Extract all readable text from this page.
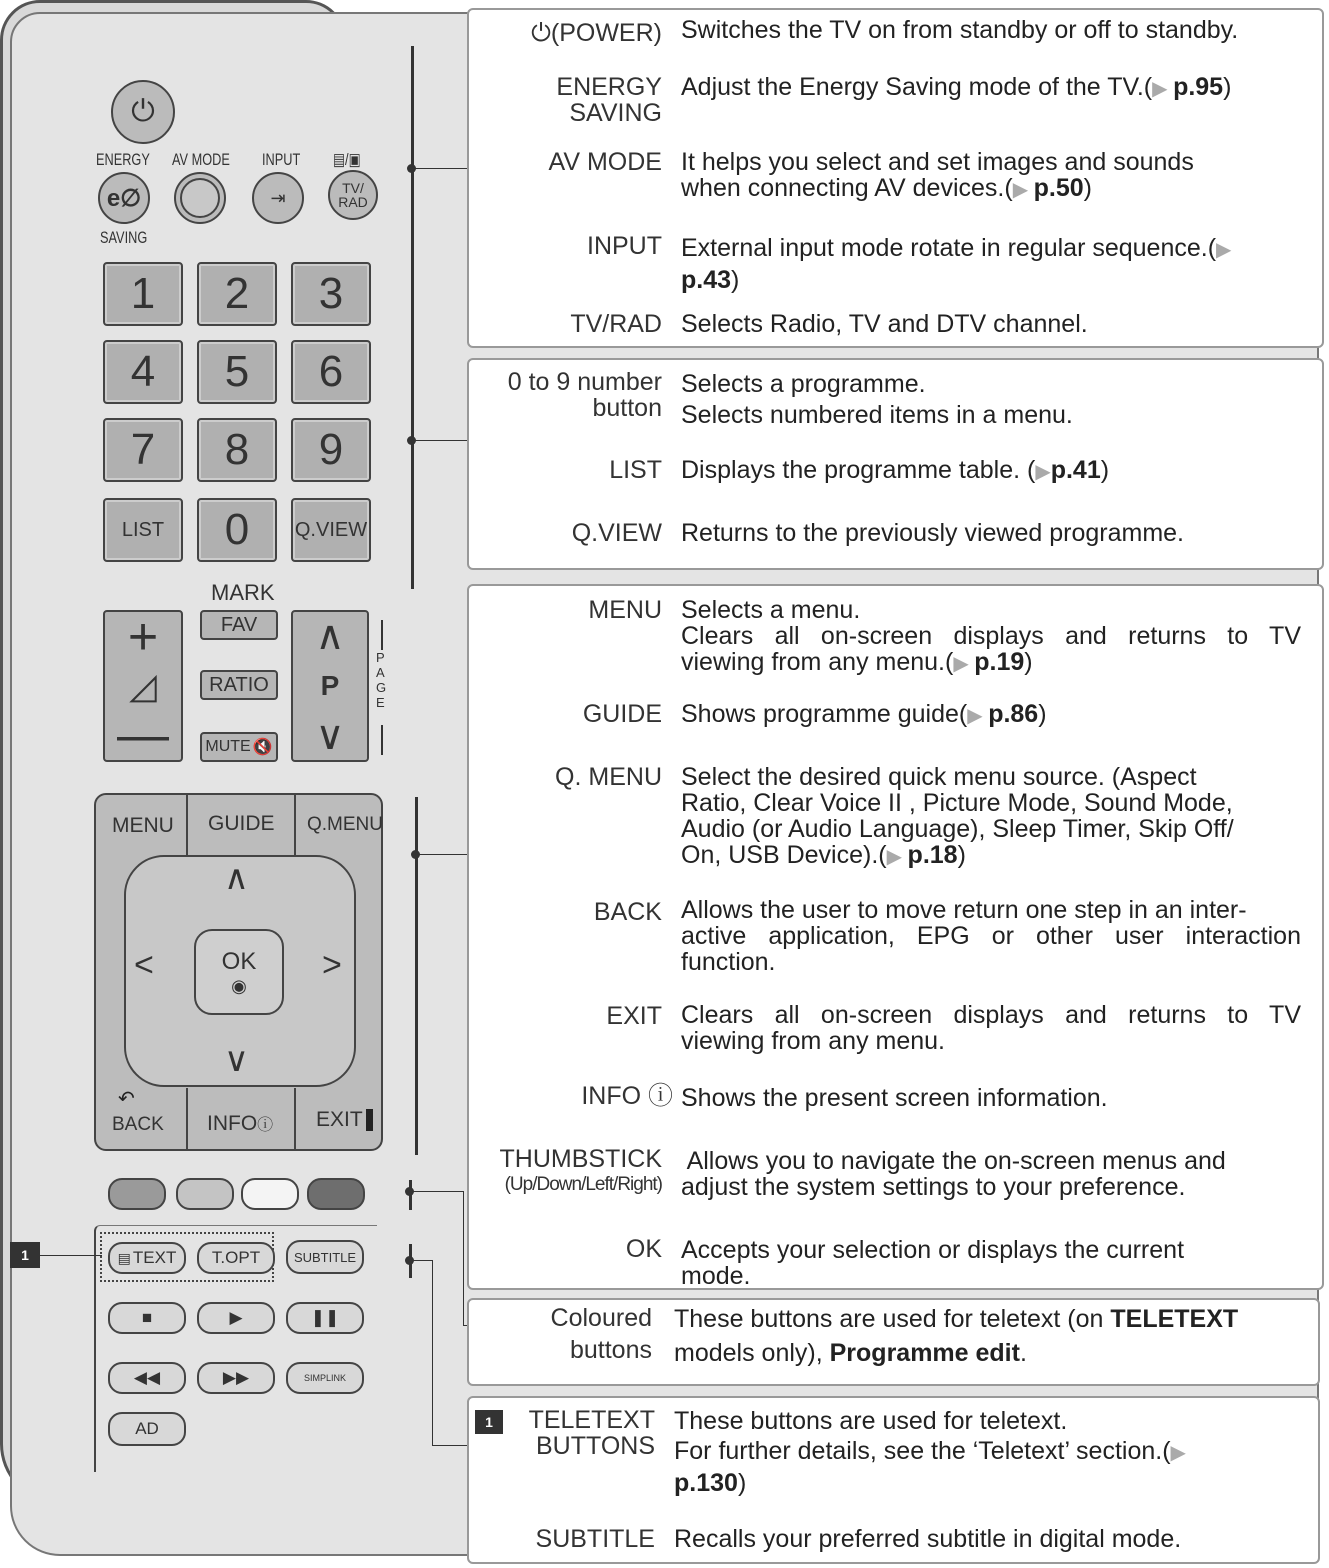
⏻
ENERGY AV MODE INPUT ▤/▣
e∅	⇥	TV/ RAD
SAVING
1	2	3
4	5	6
7	8	9
LIST	0	Q.VIEW
MARK
+
◿
—
FAV
RATIO
MUTE 🔇
∧
P
∨
PAGE
MENU GUIDE Q.MENU
∧
∨
<	>
OK
◉
↶
BACK INFOⓘ EXIT
▤ TEXT	T.OPT	SUBTITLE
■	▶	❚❚
◀◀	▶▶	SIMPLINK
AD
1
⏻(POWER) Switches the TV on from standby or off to standby.
ENERGY
SAVING
Adjust the Energy Saving mode of the TV.(▶ p.95)
AV MODE It helps you select and set images and sounds
when connecting AV devices.(▶ p.50)
INPUT External input mode rotate in regular sequence.(▶
p.43)
TV/RAD Selects Radio, TV and DTV channel.
0 to 9 number
button
Selects a programme.
Selects numbered items in a menu.
LIST Displays the programme table. (▶p.41)
Q.VIEW Returns to the previously viewed programme.
MENU Selects a menu.
Clears all on-screen displays and returns to TV
viewing from any menu.(▶ p.19)
GUIDE Shows programme guide(▶ p.86)
Q. MENU Select the desired quick menu source. (Aspect
Ratio, Clear Voice II , Picture Mode, Sound Mode,
Audio (or Audio Language), Sleep Timer, Skip Off/
On, USB Device).(▶ p.18)
BACK Allows the user to move return one step in an inter-
active application, EPG or other user interaction
function.
EXIT Clears all on-screen displays and returns to TV
viewing from any menu.
INFO ⓘ Shows the present screen information.
THUMBSTICK
(Up/Down/Left/Right)
Allows you to navigate the on-screen menus and
adjust the system settings to your preference.
OK Accepts your selection or displays the current
mode.
Coloured
buttons
These buttons are used for teletext (on TELETEXT
models only), Programme edit.
1	TELETEXT
BUTTONS
These buttons are used for teletext.
For further details, see the ‘Teletext’ section.(▶
p.130)
SUBTITLE Recalls your preferred subtitle in digital mode.
